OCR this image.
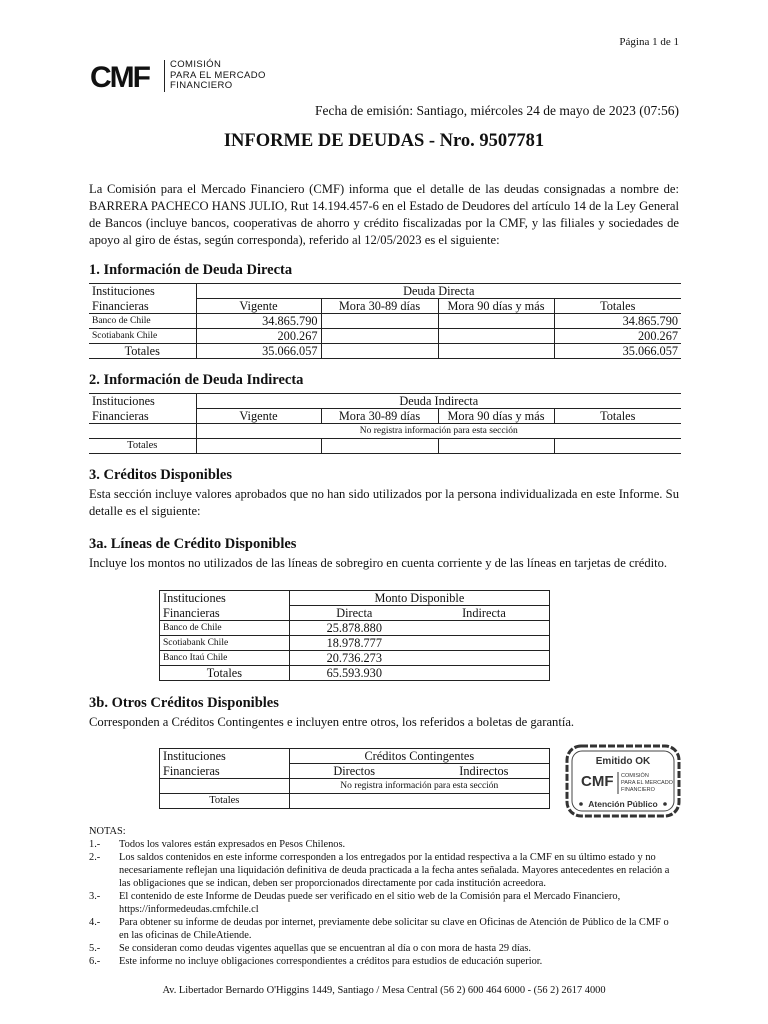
Página 1 de 1
CMF COMISIÓN
PARA EL MERCADO
FINANCIERO
Fecha de emisión: Santiago, miércoles 24 de mayo de 2023 (07:56)
INFORME DE DEUDAS - Nro. 9507781
La Comisión para el Mercado Financiero (CMF) informa que el detalle de las deudas consignadas a nombre de: BARRERA PACHECO HANS JULIO, Rut 14.194.457-6 en el Estado de Deudores del artículo 14 de la Ley General de Bancos (incluye bancos, cooperativas de ahorro y crédito fiscalizadas por la CMF, y las filiales y sociedades de apoyo al giro de éstas, según corresponda), referido al 12/05/2023 es el siguiente:
1. Información de Deuda Directa
Instituciones	Deuda Directa			
Financieras	Vigente	Mora 30-89 días	Mora 90 días y más	Totales
Banco de Chile	34.865.790			34.865.790
Scotiabank Chile	200.267			200.267
Totales	35.066.057			35.066.057
2. Información de Deuda Indirecta
Instituciones	Deuda Indirecta			
Financieras	Vigente	Mora 30-89 días	Mora 90 días y más	Totales
	No registra información para esta sección			
Totales				
3. Créditos Disponibles
Esta sección incluye valores aprobados que no han sido utilizados por la persona individualizada en este Informe. Su detalle es el siguiente:
3a. Líneas de Crédito Disponibles
Incluye los montos no utilizados de las líneas de sobregiro en cuenta corriente y de las líneas en tarjetas de crédito.
Instituciones	Monto Disponible	
Financieras	Directa	Indirecta
Banco de Chile	25.878.880	
Scotiabank Chile	18.978.777	
Banco Itaú Chile	20.736.273	
Totales	65.593.930	
3b. Otros Créditos Disponibles
Corresponden a Créditos Contingentes e incluyen entre otros, los referidos a boletas de garantía.
Instituciones	Créditos Contingentes	
Financieras	Directos	Indirectos
	No registra información para esta sección	
Totales		
Emitido OK
CMF COMISIÓN
PARA EL MERCADO
FINANCIERO
Atención Público
NOTAS:
1.-	Todos los valores están expresados en Pesos Chilenos.
2.-	Los saldos contenidos en este informe corresponden a los entregados por la entidad respectiva a la CMF en su último estado y no necesariamente reflejan una liquidación definitiva de deuda practicada a la fecha antes señalada. Mayores antecedentes en relación a las obligaciones que se indican, deben ser proporcionados directamente por cada institución acreedora.
3.-	El contenido de este Informe de Deudas puede ser verificado en el sitio web de la Comisión para el Mercado Financiero, https://informedeudas.cmfchile.cl
4.-	Para obtener su informe de deudas por internet, previamente debe solicitar su clave en Oficinas de Atención de Público de la CMF o en las oficinas de ChileAtiende.
5.-	Se consideran como deudas vigentes aquellas que se encuentran al día o con mora de hasta 29 días.
6.-	Este informe no incluye obligaciones correspondientes a créditos para estudios de educación superior.
Av. Libertador Bernardo O'Higgins 1449, Santiago / Mesa Central (56 2) 600 464 6000 - (56 2) 2617 4000
